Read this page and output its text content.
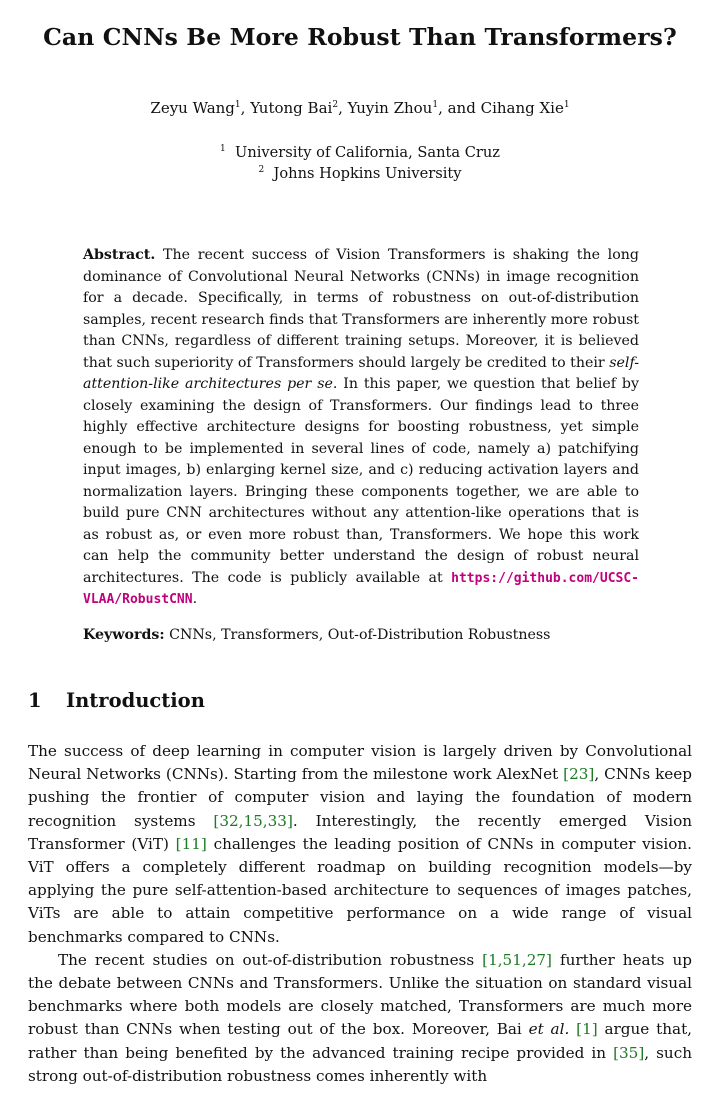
Can CNNs Be More Robust Than Transformers?
Zeyu Wang$^1$, Yutong Bai$^2$, Yuyin Zhou$^1$, and Cihang Xie$^1$
$^1$ University of California, Santa Cruz
$^2$ Johns Hopkins University
Abstract. The recent success of Vision Transformers is shaking the long dominance of Convolutional Neural Networks (CNNs) in image recognition for a decade. Specifically, in terms of robustness on out-of-distribution samples, recent research finds that Transformers are inherently more robust than CNNs, regardless of different training setups. Moreover, it is believed that such superiority of Transformers should largely be credited to their self-attention-like architectures per se. In this paper, we question that belief by closely examining the design of Transformers. Our findings lead to three highly effective architecture designs for boosting robustness, yet simple enough to be implemented in several lines of code, namely a) patchifying input images, b) enlarging kernel size, and c) reducing activation layers and normalization layers. Bringing these components together, we are able to build pure CNN architectures without any attention-like operations that is as robust as, or even more robust than, Transformers. We hope this work can help the community better understand the design of robust neural architectures. The code is publicly available at https://github.com/UCSC-VLAA/RobustCNN.
Keywords: CNNs, Transformers, Out-of-Distribution Robustness
1 Introduction

The success of deep learning in computer vision is largely driven by Convolutional Neural Networks (CNNs). Starting from the milestone work AlexNet [23], CNNs keep pushing the frontier of computer vision and laying the foundation of modern recognition systems [32,15,33]. Interestingly, the recently emerged Vision Transformer (ViT) [11] challenges the leading position of CNNs in computer vision. ViT offers a completely different roadmap on building recognition models—by applying the pure self-attention-based architecture to sequences of images patches, ViTs are able to attain competitive performance on a wide range of visual benchmarks compared to CNNs.

The recent studies on out-of-distribution robustness [1,51,27] further heats up the debate between CNNs and Transformers. Unlike the situation on standard visual benchmarks where both models are closely matched, Transformers are much more robust than CNNs when testing out of the box. Moreover, Bai et al. [1] argue that, rather than being benefited by the advanced training recipe provided in [35], such strong out-of-distribution robustness comes inherently with
